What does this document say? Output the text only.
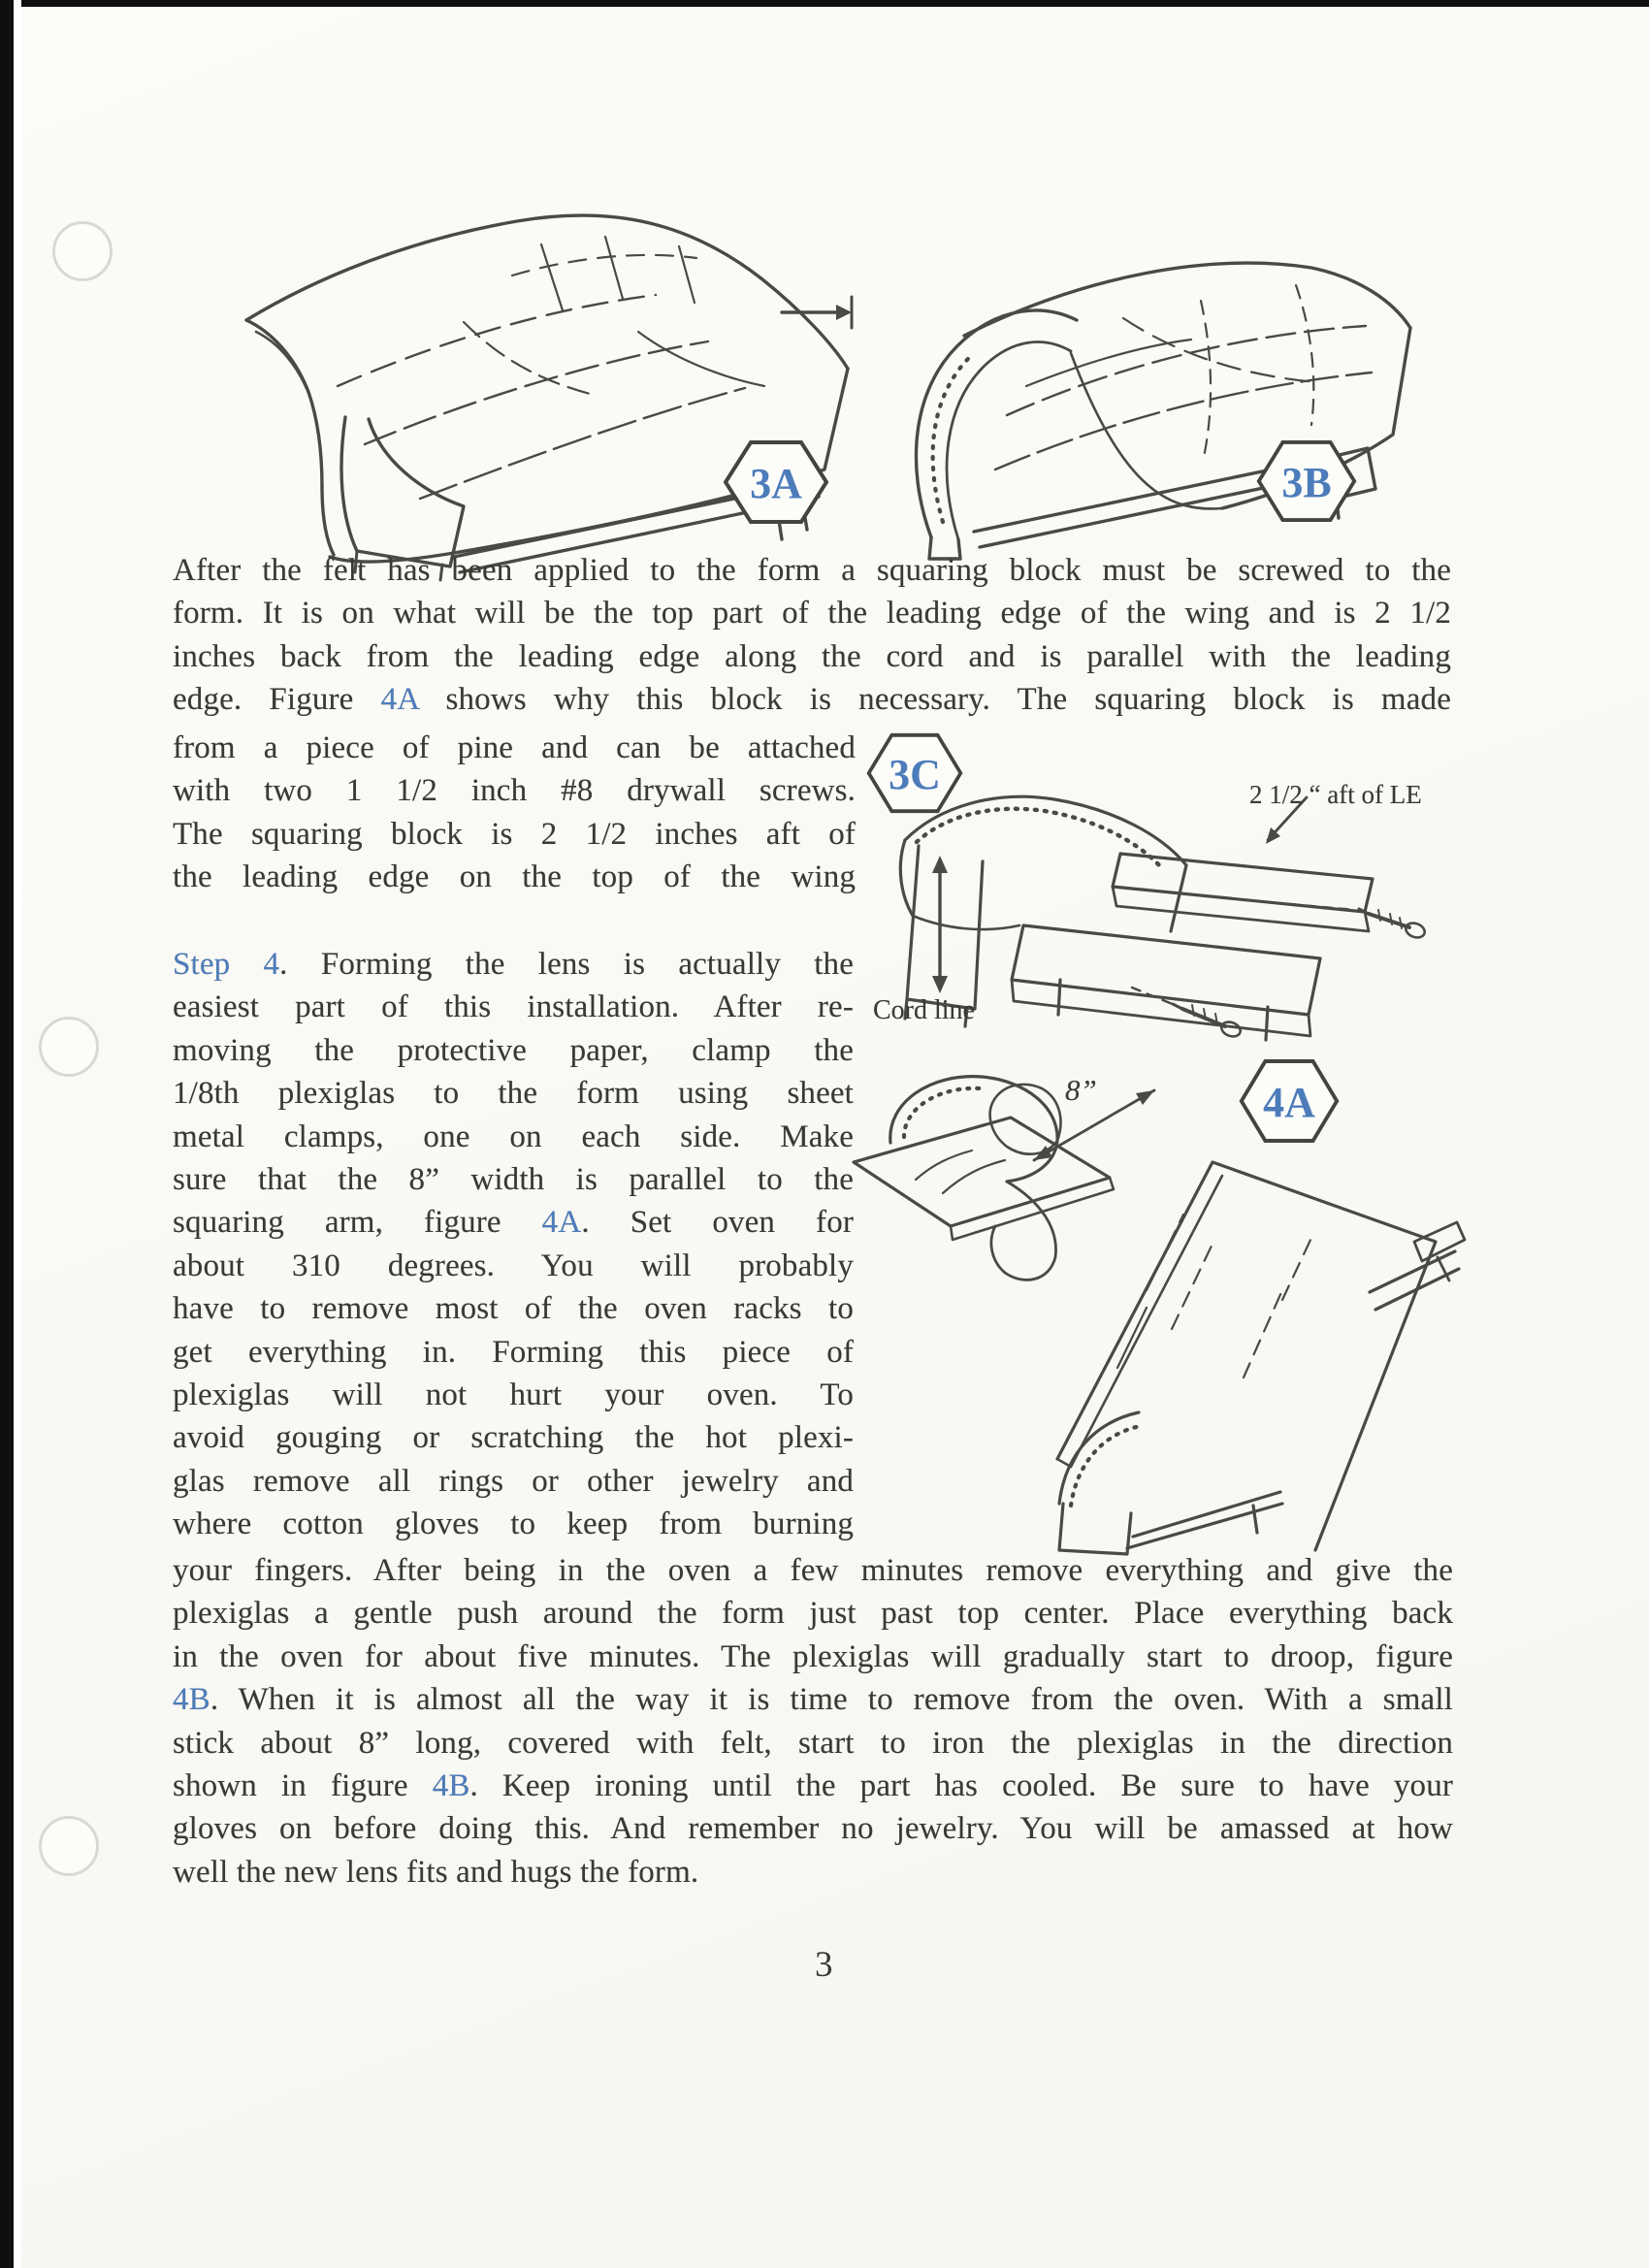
3A	3B
After the felt has been applied to the form a squaring block must be screwed to the
form. It is on what will be the top part of the leading edge of the wing and is 2 1/2
inches back from the leading edge along the cord and is parallel with the leading
edge. Figure 4A shows why this block is necessary. The squaring block is made
from a piece of pine and can be attached
with two 1 1/2 inch #8 drywall screws.
The squaring block is 2 1/2 inches aft of
the leading edge on the top of the wing
3C	2 1/2 “ aft of LE
Cord line
Step 4. Forming the lens is actually the
easiest part of this installation. After re-
moving the protective paper, clamp the
1/8th plexiglas to the form using sheet
metal clamps, one on each side. Make
sure that the 8” width is parallel to the
squaring arm, figure 4A. Set oven for
about 310 degrees. You will probably
have to remove most of the oven racks to
get everything in. Forming this piece of
plexiglas will not hurt your oven. To
avoid gouging or scratching the hot plexi-
glas remove all rings or other jewelry and
where cotton gloves to keep from burning
4A
8”
your fingers. After being in the oven a few minutes remove everything and give the
plexiglas a gentle push around the form just past top center. Place everything back
in the oven for about five minutes. The plexiglas will gradually start to droop, figure
4B. When it is almost all the way it is time to remove from the oven. With a small
stick about 8” long, covered with felt, start to iron the plexiglas in the direction
shown in figure 4B. Keep ironing until the part has cooled. Be sure to have your
gloves on before doing this. And remember no jewelry. You will be amassed at how
well the new lens fits and hugs the form.
3
